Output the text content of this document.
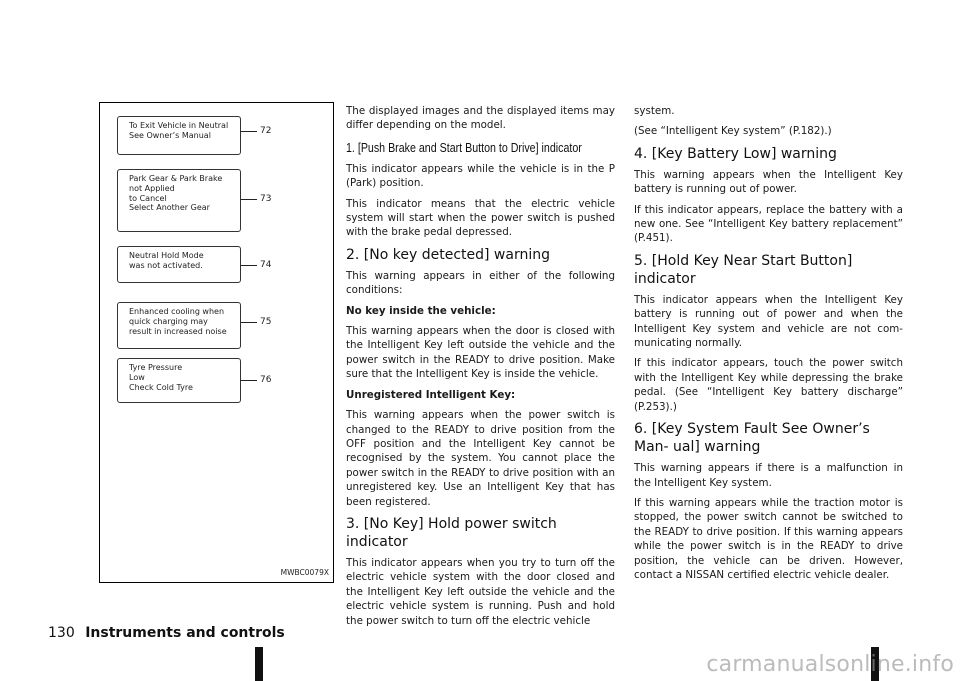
To Exit Vehicle in Neutral
See Owner’s Manual	72
Park Gear & Park Brake
not Applied
to Cancel
Select Another Gear
73
Neutral Hold Mode
was not activated.	74
Enhanced cooling when
quick charging may
result in increased noise
75
Tyre Pressure
Low
Check Cold Tyre
76
MWBC0079X

The displayed images and the displayed items may differ depending on the model.

1. [Push Brake and Start Button to Drive] indicator

This indicator appears while the vehicle is in the P (Park) position.

This indicator means that the electric vehicle system will start when the power switch is pushed with the brake pedal depressed.

2. [No key detected] warning

This warning appears in either of the following conditions:

No key inside the vehicle:

This warning appears when the door is closed with the Intelligent Key left outside the vehicle and the power switch in the READY to drive position. Make sure that the Intelligent Key is inside the vehicle.

Unregistered Intelligent Key:

This warning appears when the power switch is changed to the READY to drive position from the OFF position and the Intelligent Key cannot be recognised by the system. You cannot place the power switch in the READY to drive position with an unregistered key. Use an Intelligent Key that has been registered.

3. [No Key] Hold power switch indicator

This indicator appears when you try to turn off the electric vehicle system with the door closed and the Intelligent Key left outside the vehicle and the electric vehicle system is running. Push and hold the power switch to turn off the electric vehicle

system.

(See “Intelligent Key system” (P.182).)

4. [Key Battery Low] warning

This warning appears when the Intelligent Key battery is running out of power.

If this indicator appears, replace the battery with a new one. See “Intelligent Key battery replacement” (P.451).

5. [Hold Key Near Start Button] indicator

This indicator appears when the Intelligent Key battery is running out of power and when the Intelligent Key system and vehicle are not com- municating normally.

If this indicator appears, touch the power switch with the Intelligent Key while depressing the brake pedal. (See “Intelligent Key battery discharge” (P.253).)

6. [Key System Fault See Owner’s Man- ual] warning

This warning appears if there is a malfunction in the Intelligent Key system.

If this warning appears while the traction motor is stopped, the power switch cannot be switched to the READY to drive position. If this warning appears while the power switch is in the READY to drive position, the vehicle can be driven. However, contact a NISSAN certified electric vehicle dealer.

130 Instruments and controls
carmanualsonline.info
